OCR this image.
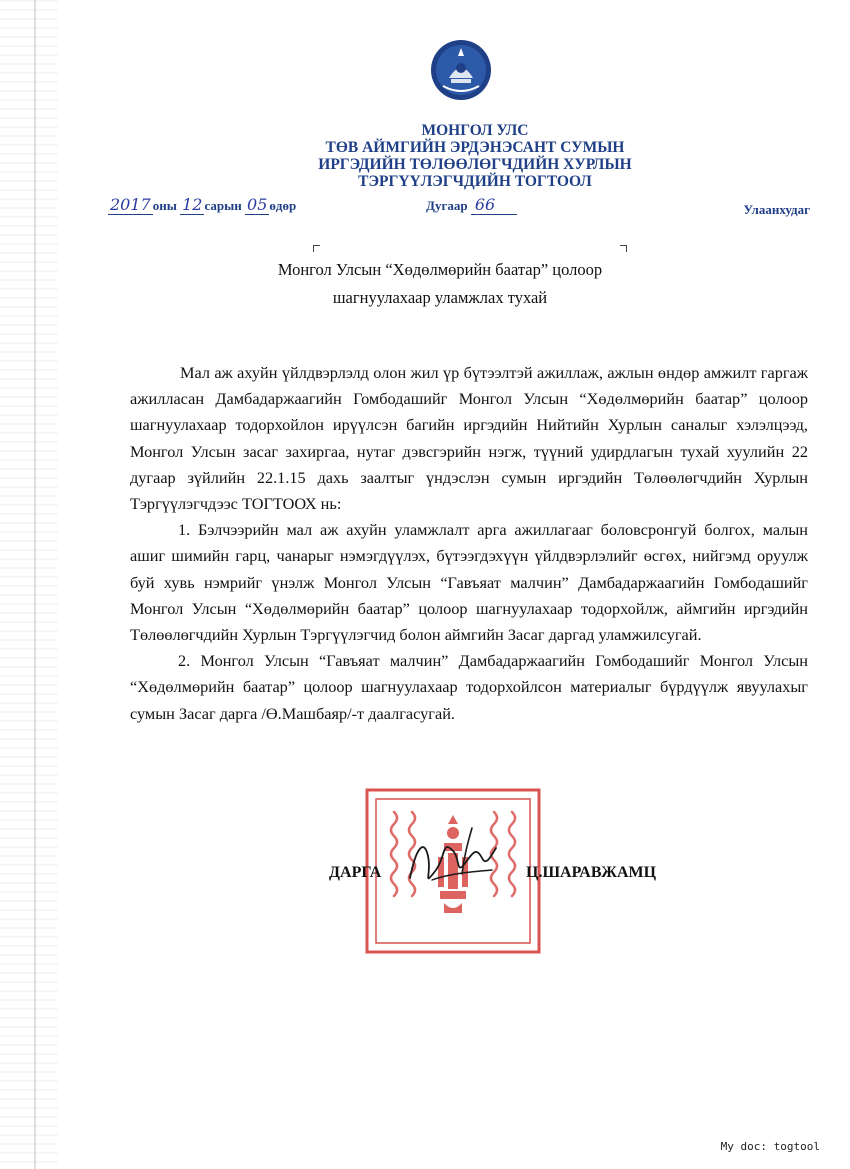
МОНГОЛ УЛС
ТӨВ АЙМГИЙН ЭРДЭНЭСАНТ СУМЫН
ИРГЭДИЙН ТӨЛӨӨЛӨГЧДИЙН ХУРЛЫН
ТЭРГҮҮЛЭГЧДИЙН ТОГТООЛ
2017 оны 12 сарын 05 өдөр	Дугаар 66	Улаанхудаг
Монгол Улсын “Хөдөлмөрийн баатар” цолоор
шагнуулахаар уламжлах тухай

Мал аж ахуйн үйлдвэрлэлд олон жил үр бүтээлтэй ажиллаж, ажлын өндөр амжилт гаргаж ажилласан Дамбадаржаагийн Гомбодашийг Монгол Улсын “Хөдөлмөрийн баатар” цолоор шагнуулахаар тодорхойлон ирүүлсэн багийн иргэдийн Нийтийн Хурлын саналыг хэлэлцээд, Монгол Улсын засаг захиргаа, нутаг дэвсгэрийн нэгж, түүний удирдлагын тухай хуулийн 22 дугаар зүйлийн 22.1.15 дахь заалтыг үндэслэн сумын иргэдийн Төлөөлөгчдийн Хурлын Тэргүүлэгчдээс ТОГТООХ нь:

1. Бэлчээрийн мал аж ахуйн уламжлалт арга ажиллагааг боловсронгуй болгох, малын ашиг шимийн гарц, чанарыг нэмэгдүүлэх, бүтээгдэхүүн үйлдвэрлэлийг өсгөх, нийгэмд оруулж буй хувь нэмрийг үнэлж Монгол Улсын “Гавъяат малчин” Дамбадаржаагийн Гомбодашийг Монгол Улсын “Хөдөлмөрийн баатар” цолоор шагнуулахаар тодорхойлж, аймгийн иргэдийн Төлөөлөгчдийн Хурлын Тэргүүлэгчид болон аймгийн Засаг даргад уламжилсугай.

2. Монгол Улсын “Гавъяат малчин” Дамбадаржаагийн Гомбодашийг Монгол Улсын “Хөдөлмөрийн баатар” цолоор шагнуулахаар тодорхойлсон материалыг бүрдүүлж явуулахыг сумын Засаг дарга /Ө.Машбаяр/-т даалгасугай.

ДАРГА	Ц.ШАРАВЖАМЦ
My doc: togtool
